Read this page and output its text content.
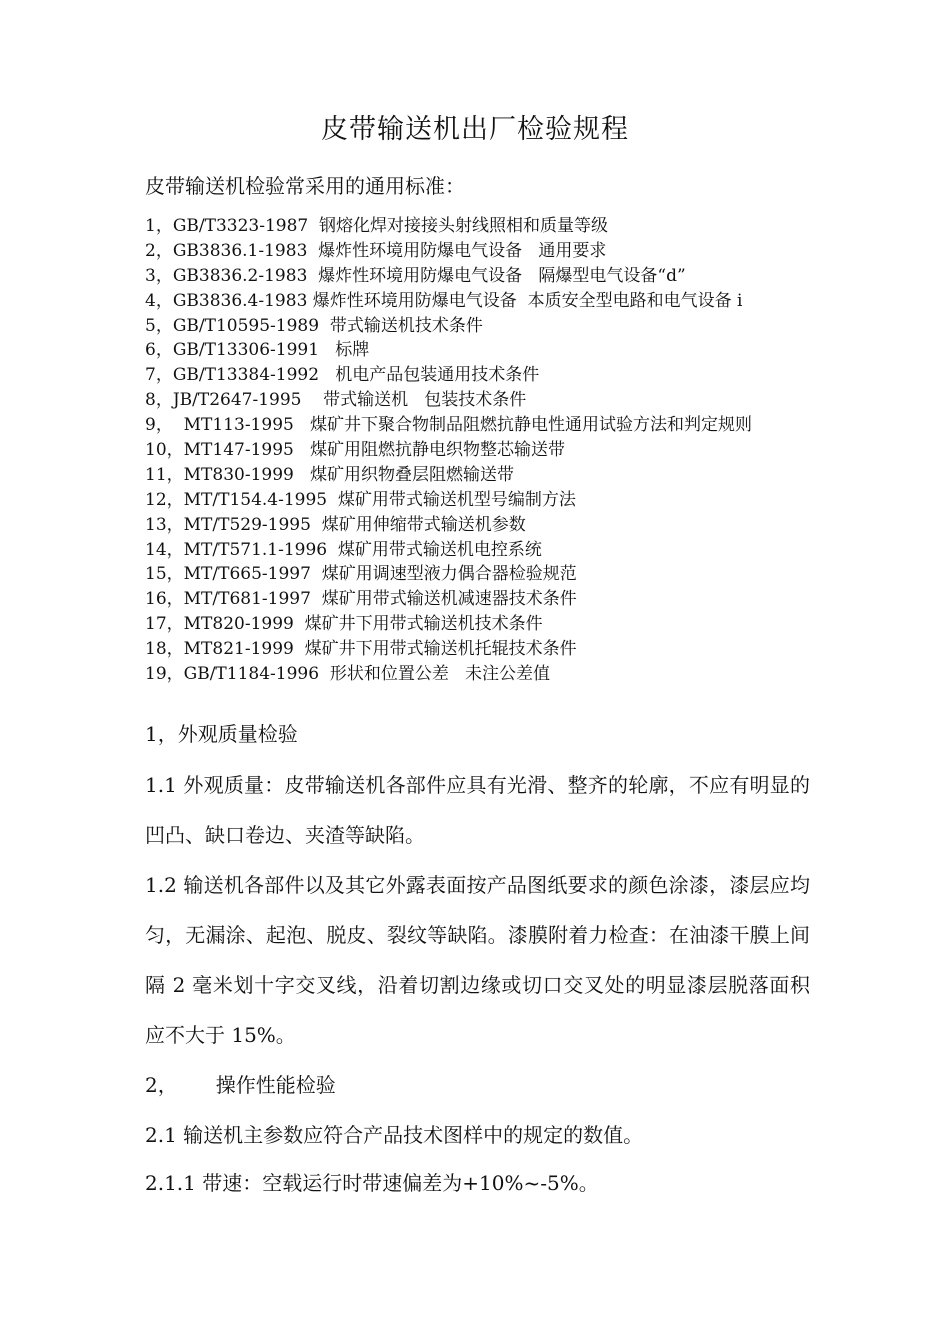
皮带输送机出厂检验规程

皮带输送机检验常采用的通用标准：

1，GB/T3323-1987  钢熔化焊对接接头射线照相和质量等级
2，GB3836.1-1983  爆炸性环境用防爆电气设备   通用要求
3，GB3836.2-1983  爆炸性环境用防爆电气设备   隔爆型电气设备“d”
4，GB3836.4-1983 爆炸性环境用防爆电气设备  本质安全型电路和电气设备 i
5，GB/T10595-1989  带式输送机技术条件
6，GB/T13306-1991   标牌
7，GB/T13384-1992   机电产品包装通用技术条件
8，JB/T2647-1995    带式输送机   包装技术条件
9，  MT113-1995   煤矿井下聚合物制品阻燃抗静电性通用试验方法和判定规则
10，MT147-1995   煤矿用阻燃抗静电织物整芯输送带
11，MT830-1999   煤矿用织物叠层阻燃输送带
12，MT/T154.4-1995  煤矿用带式输送机型号编制方法
13，MT/T529-1995  煤矿用伸缩带式输送机参数
14，MT/T571.1-1996  煤矿用带式输送机电控系统
15，MT/T665-1997  煤矿用调速型液力偶合器检验规范
16，MT/T681-1997  煤矿用带式输送机减速器技术条件
17，MT820-1999  煤矿井下用带式输送机技术条件
18，MT821-1999  煤矿井下用带式输送机托辊技术条件
19，GB/T1184-1996  形状和位置公差   未注公差值

1，外观质量检验

1.1 外观质量：皮带输送机各部件应具有光滑、整齐的轮廓，不应有明显的凹凸、缺口卷边、夹渣等缺陷。

1.2 输送机各部件以及其它外露表面按产品图纸要求的颜色涂漆，漆层应均匀，无漏涂、起泡、脱皮、裂纹等缺陷。漆膜附着力检查：在油漆干膜上间隔 2 毫米划十字交叉线，沿着切割边缘或切口交叉处的明显漆层脱落面积应不大于 15%。

2， 操作性能检验

2.1 输送机主参数应符合产品技术图样中的规定的数值。

2.1.1 带速：空载运行时带速偏差为+10%~-5%。
